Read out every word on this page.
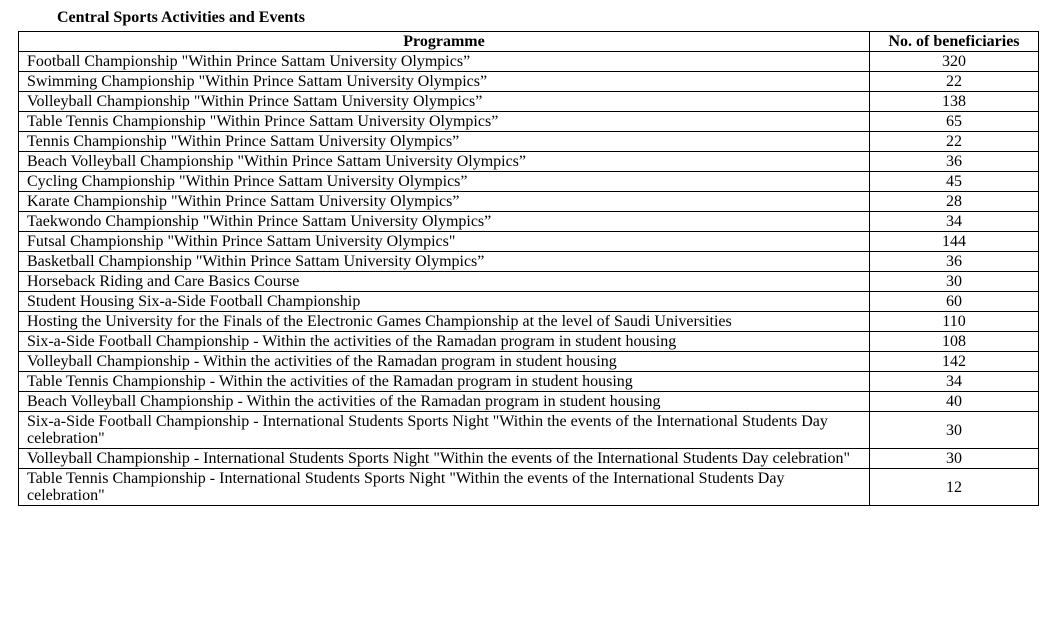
Central Sports Activities and Events
Programme	No. of beneficiaries
Football Championship "Within Prince Sattam University Olympics”	320
Swimming Championship "Within Prince Sattam University Olympics”	22
Volleyball Championship "Within Prince Sattam University Olympics”	138
Table Tennis Championship "Within Prince Sattam University Olympics”	65
Tennis Championship "Within Prince Sattam University Olympics”	22
Beach Volleyball Championship "Within Prince Sattam University Olympics”	36
Cycling Championship "Within Prince Sattam University Olympics”	45
Karate Championship "Within Prince Sattam University Olympics”	28
Taekwondo Championship "Within Prince Sattam University Olympics”	34
Futsal Championship "Within Prince Sattam University Olympics"	144
Basketball Championship "Within Prince Sattam University Olympics”	36
Horseback Riding and Care Basics Course	30
Student Housing Six-a-Side Football Championship	60
Hosting the University for the Finals of the Electronic Games Championship at the level of Saudi Universities	110
Six-a-Side Football Championship - Within the activities of the Ramadan program in student housing	108
Volleyball Championship - Within the activities of the Ramadan program in student housing	142
Table Tennis Championship - Within the activities of the Ramadan program in student housing	34
Beach Volleyball Championship - Within the activities of the Ramadan program in student housing	40
Six-a-Side Football Championship - International Students Sports Night "Within the events of the International Students Day celebration"	30
Volleyball Championship - International Students Sports Night "Within the events of the International Students Day celebration"	30
Table Tennis Championship - International Students Sports Night "Within the events of the International Students Day celebration"	12
